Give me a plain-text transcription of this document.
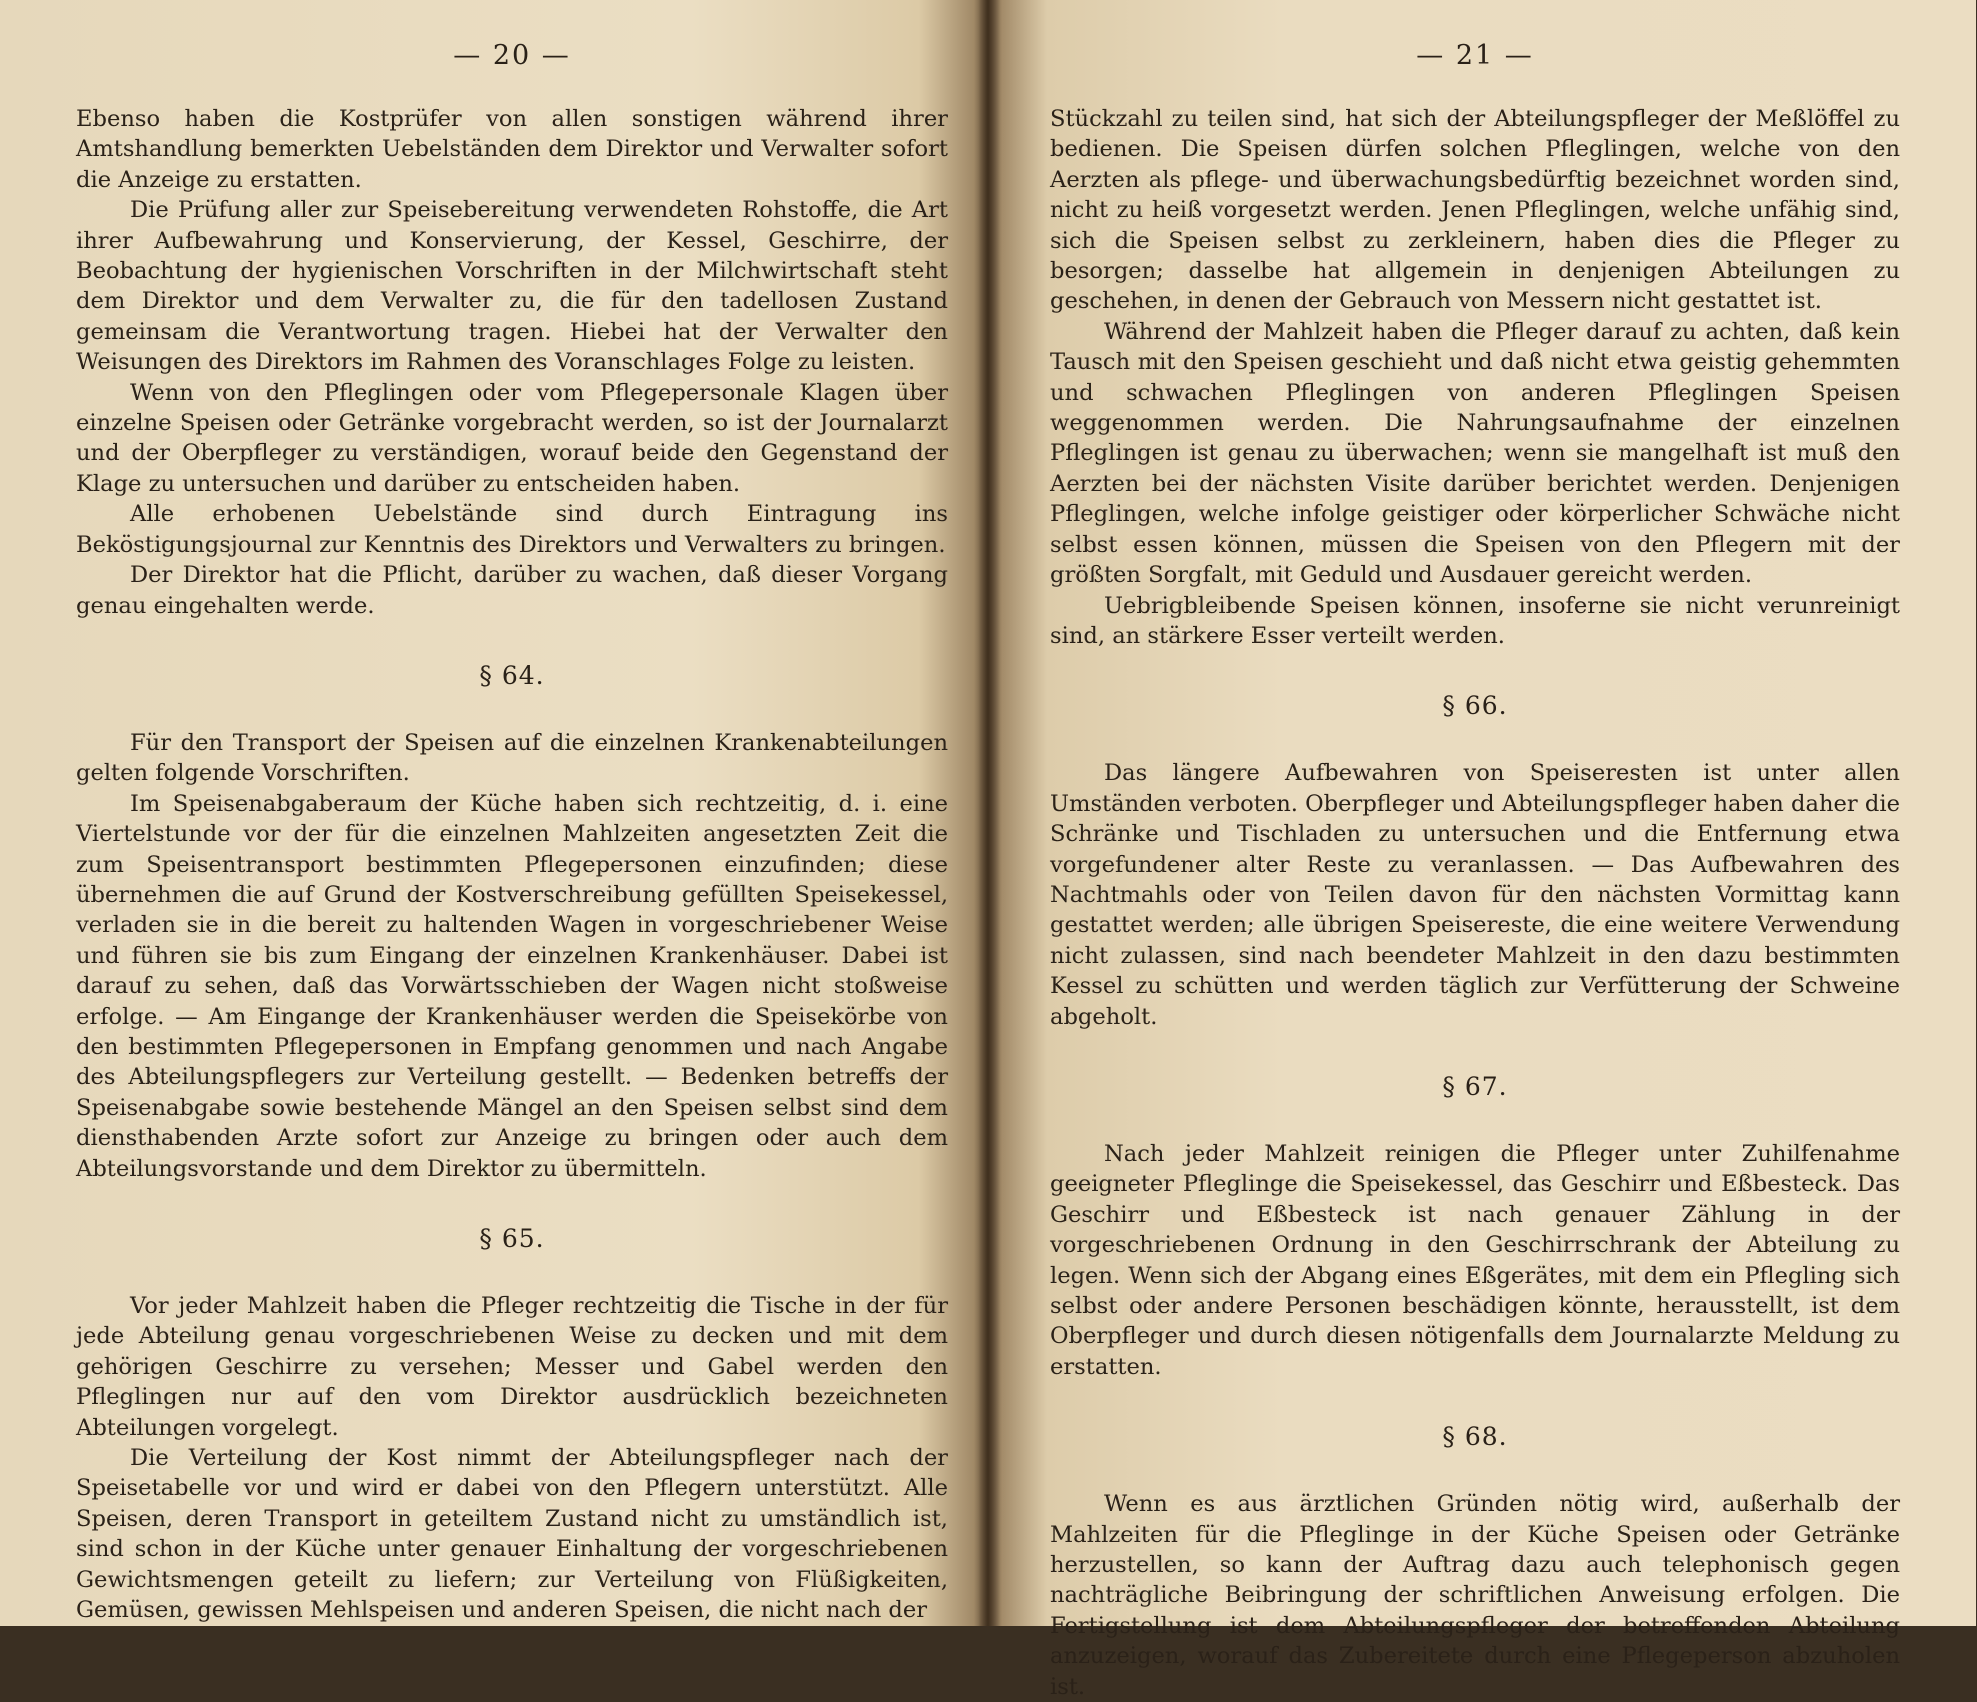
— 20 —

Ebenso haben die Kostprüfer von allen sonstigen während ihrer Amtshandlung bemerkten Uebelständen dem Direktor und Verwalter sofort die Anzeige zu erstatten.

Die Prüfung aller zur Speisebereitung verwendeten Rohstoffe, die Art ihrer Aufbewahrung und Konservierung, der Kessel, Geschirre, der Beobachtung der hygienischen Vorschriften in der Milchwirtschaft steht dem Direktor und dem Verwalter zu, die für den tadellosen Zustand gemeinsam die Verantwortung tragen. Hiebei hat der Verwalter den Weisungen des Direktors im Rahmen des Voranschlages Folge zu leisten.

Wenn von den Pfleglingen oder vom Pflegepersonale Klagen über einzelne Speisen oder Getränke vorgebracht werden, so ist der Journalarzt und der Oberpfleger zu verständigen, worauf beide den Gegenstand der Klage zu untersuchen und darüber zu entscheiden haben.

Alle erhobenen Uebelstände sind durch Eintragung ins Beköstigungsjournal zur Kenntnis des Direktors und Verwalters zu bringen.

Der Direktor hat die Pflicht, darüber zu wachen, daß dieser Vorgang genau eingehalten werde.

§ 64.

Für den Transport der Speisen auf die einzelnen Krankenabteilungen gelten folgende Vorschriften.

Im Speisenabgaberaum der Küche haben sich rechtzeitig, d. i. eine Viertelstunde vor der für die einzelnen Mahlzeiten angesetzten Zeit die zum Speisentransport bestimmten Pflegepersonen einzufinden; diese übernehmen die auf Grund der Kostverschreibung gefüllten Speisekessel, verladen sie in die bereit zu haltenden Wagen in vorgeschriebener Weise und führen sie bis zum Eingang der einzelnen Krankenhäuser. Dabei ist darauf zu sehen, daß das Vorwärtsschieben der Wagen nicht stoßweise erfolge. — Am Eingange der Krankenhäuser werden die Speisekörbe von den bestimmten Pflegepersonen in Empfang genommen und nach Angabe des Abteilungspflegers zur Verteilung gestellt. — Bedenken betreffs der Speisenabgabe sowie bestehende Mängel an den Speisen selbst sind dem diensthabenden Arzte sofort zur Anzeige zu bringen oder auch dem Abteilungsvorstande und dem Direktor zu übermitteln.

§ 65.

Vor jeder Mahlzeit haben die Pfleger rechtzeitig die Tische in der für jede Abteilung genau vorgeschriebenen Weise zu decken und mit dem gehörigen Geschirre zu versehen; Messer und Gabel werden den Pfleglingen nur auf den vom Direktor ausdrücklich bezeichneten Abteilungen vorgelegt.

Die Verteilung der Kost nimmt der Abteilungspfleger nach der Speisetabelle vor und wird er dabei von den Pflegern unterstützt. Alle Speisen, deren Transport in geteiltem Zustand nicht zu umständlich ist, sind schon in der Küche unter genauer Einhaltung der vorgeschriebenen Gewichtsmengen geteilt zu liefern; zur Verteilung von Flüßigkeiten, Gemüsen, gewissen Mehlspeisen und anderen Speisen, die nicht nach der

— 21 —

Stückzahl zu teilen sind, hat sich der Abteilungspfleger der Meßlöffel zu bedienen. Die Speisen dürfen solchen Pfleglingen, welche von den Aerzten als pflege- und überwachungsbedürftig bezeichnet worden sind, nicht zu heiß vorgesetzt werden. Jenen Pfleglingen, welche unfähig sind, sich die Speisen selbst zu zerkleinern, haben dies die Pfleger zu besorgen; dasselbe hat allgemein in denjenigen Abteilungen zu geschehen, in denen der Gebrauch von Messern nicht gestattet ist.

Während der Mahlzeit haben die Pfleger darauf zu achten, daß kein Tausch mit den Speisen geschieht und daß nicht etwa geistig gehemmten und schwachen Pfleglingen von anderen Pfleglingen Speisen weggenommen werden. Die Nahrungsaufnahme der einzelnen Pfleglingen ist genau zu überwachen; wenn sie mangelhaft ist muß den Aerzten bei der nächsten Visite darüber berichtet werden. Denjenigen Pfleglingen, welche infolge geistiger oder körperlicher Schwäche nicht selbst essen können, müssen die Speisen von den Pflegern mit der größten Sorgfalt, mit Geduld und Ausdauer gereicht werden.

Uebrigbleibende Speisen können, insoferne sie nicht verunreinigt sind, an stärkere Esser verteilt werden.

§ 66.

Das längere Aufbewahren von Speiseresten ist unter allen Umständen verboten. Oberpfleger und Abteilungspfleger haben daher die Schränke und Tischladen zu untersuchen und die Entfernung etwa vorgefundener alter Reste zu veranlassen. — Das Aufbewahren des Nachtmahls oder von Teilen davon für den nächsten Vormittag kann gestattet werden; alle übrigen Speisereste, die eine weitere Verwendung nicht zulassen, sind nach beendeter Mahlzeit in den dazu bestimmten Kessel zu schütten und werden täglich zur Verfütterung der Schweine abgeholt.

§ 67.

Nach jeder Mahlzeit reinigen die Pfleger unter Zuhilfenahme geeigneter Pfleglinge die Speisekessel, das Geschirr und Eßbesteck. Das Geschirr und Eßbesteck ist nach genauer Zählung in der vorgeschriebenen Ordnung in den Geschirrschrank der Abteilung zu legen. Wenn sich der Abgang eines Eßgerätes, mit dem ein Pflegling sich selbst oder andere Personen beschädigen könnte, herausstellt, ist dem Oberpfleger und durch diesen nötigenfalls dem Journalarzte Meldung zu erstatten.

§ 68.

Wenn es aus ärztlichen Gründen nötig wird, außerhalb der Mahlzeiten für die Pfleglinge in der Küche Speisen oder Getränke herzustellen, so kann der Auftrag dazu auch telephonisch gegen nachträgliche Beibringung der schriftlichen Anweisung erfolgen. Die Fertigstellung ist dem Abteilungspfleger der betreffenden Abteilung anzuzeigen, worauf das Zubereitete durch eine Pflegeperson abzuholen ist.
